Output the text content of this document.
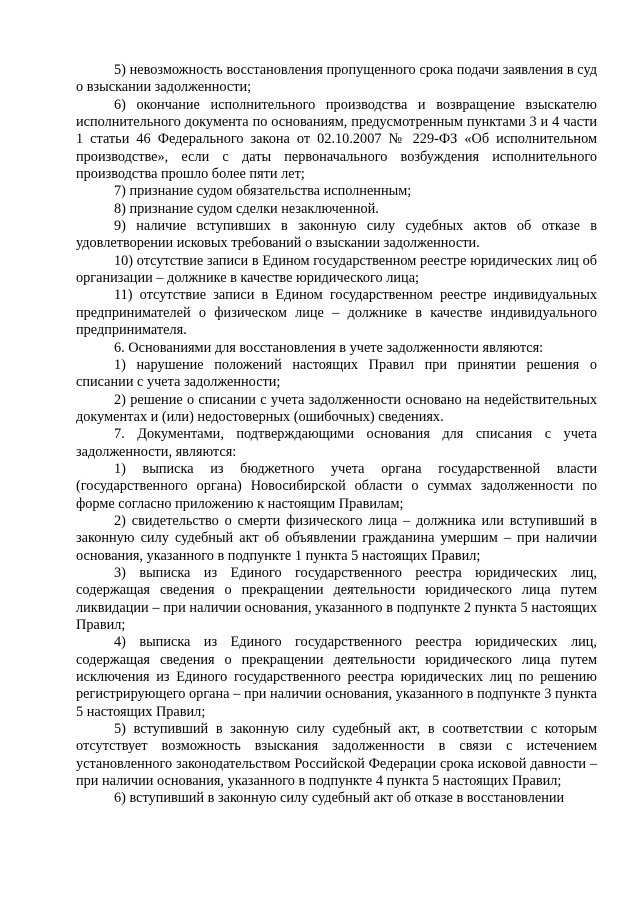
5) невозможность восстановления пропущенного срока подачи заявления в суд о взыскании задолженности;

6) окончание исполнительного производства и возвращение взыскателю исполнительного документа по основаниям, предусмотренным пунктами 3 и 4 части 1 статьи 46 Федерального закона от 02.10.2007 № 229-ФЗ «Об исполнительном производстве», если с даты первоначального возбуждения исполнительного производства прошло более пяти лет;

7) признание судом обязательства исполненным;

8) признание судом сделки незаключенной.

9) наличие вступивших в законную силу судебных актов об отказе в удовлетворении исковых требований о взыскании задолженности.

10) отсутствие записи в Едином государственном реестре юридических лиц об организации – должнике в качестве юридического лица;

11) отсутствие записи в Едином государственном реестре индивидуальных предпринимателей о физическом лице – должнике в качестве индивидуального предпринимателя.

6. Основаниями для восстановления в учете задолженности являются:

1) нарушение положений настоящих Правил при принятии решения о списании с учета задолженности;

2) решение о списании с учета задолженности основано на недействительных документах и (или) недостоверных (ошибочных) сведениях.

7. Документами, подтверждающими основания для списания с учета задолженности, являются:

1) выписка из бюджетного учета органа государственной власти (государственного органа) Новосибирской области о суммах задолженности по форме согласно приложению к настоящим Правилам;

2) свидетельство о смерти физического лица – должника или вступивший в законную силу судебный акт об объявлении гражданина умершим – при наличии основания, указанного в подпункте 1 пункта 5 настоящих Правил;

3) выписка из Единого государственного реестра юридических лиц, содержащая сведения о прекращении деятельности юридического лица путем ликвидации – при наличии основания, указанного в подпункте 2 пункта 5 настоящих Правил;

4) выписка из Единого государственного реестра юридических лиц, содержащая сведения о прекращении деятельности юридического лица путем исключения из Единого государственного реестра юридических лиц по решению регистрирующего органа – при наличии основания, указанного в подпункте 3 пункта 5 настоящих Правил;

5) вступивший в законную силу судебный акт, в соответствии с которым отсутствует возможность взыскания задолженности в связи с истечением установленного законодательством Российской Федерации срока исковой давности – при наличии основания, указанного в подпункте 4 пункта 5 настоящих Правил;

6) вступивший в законную силу судебный акт об отказе в восстановлении
